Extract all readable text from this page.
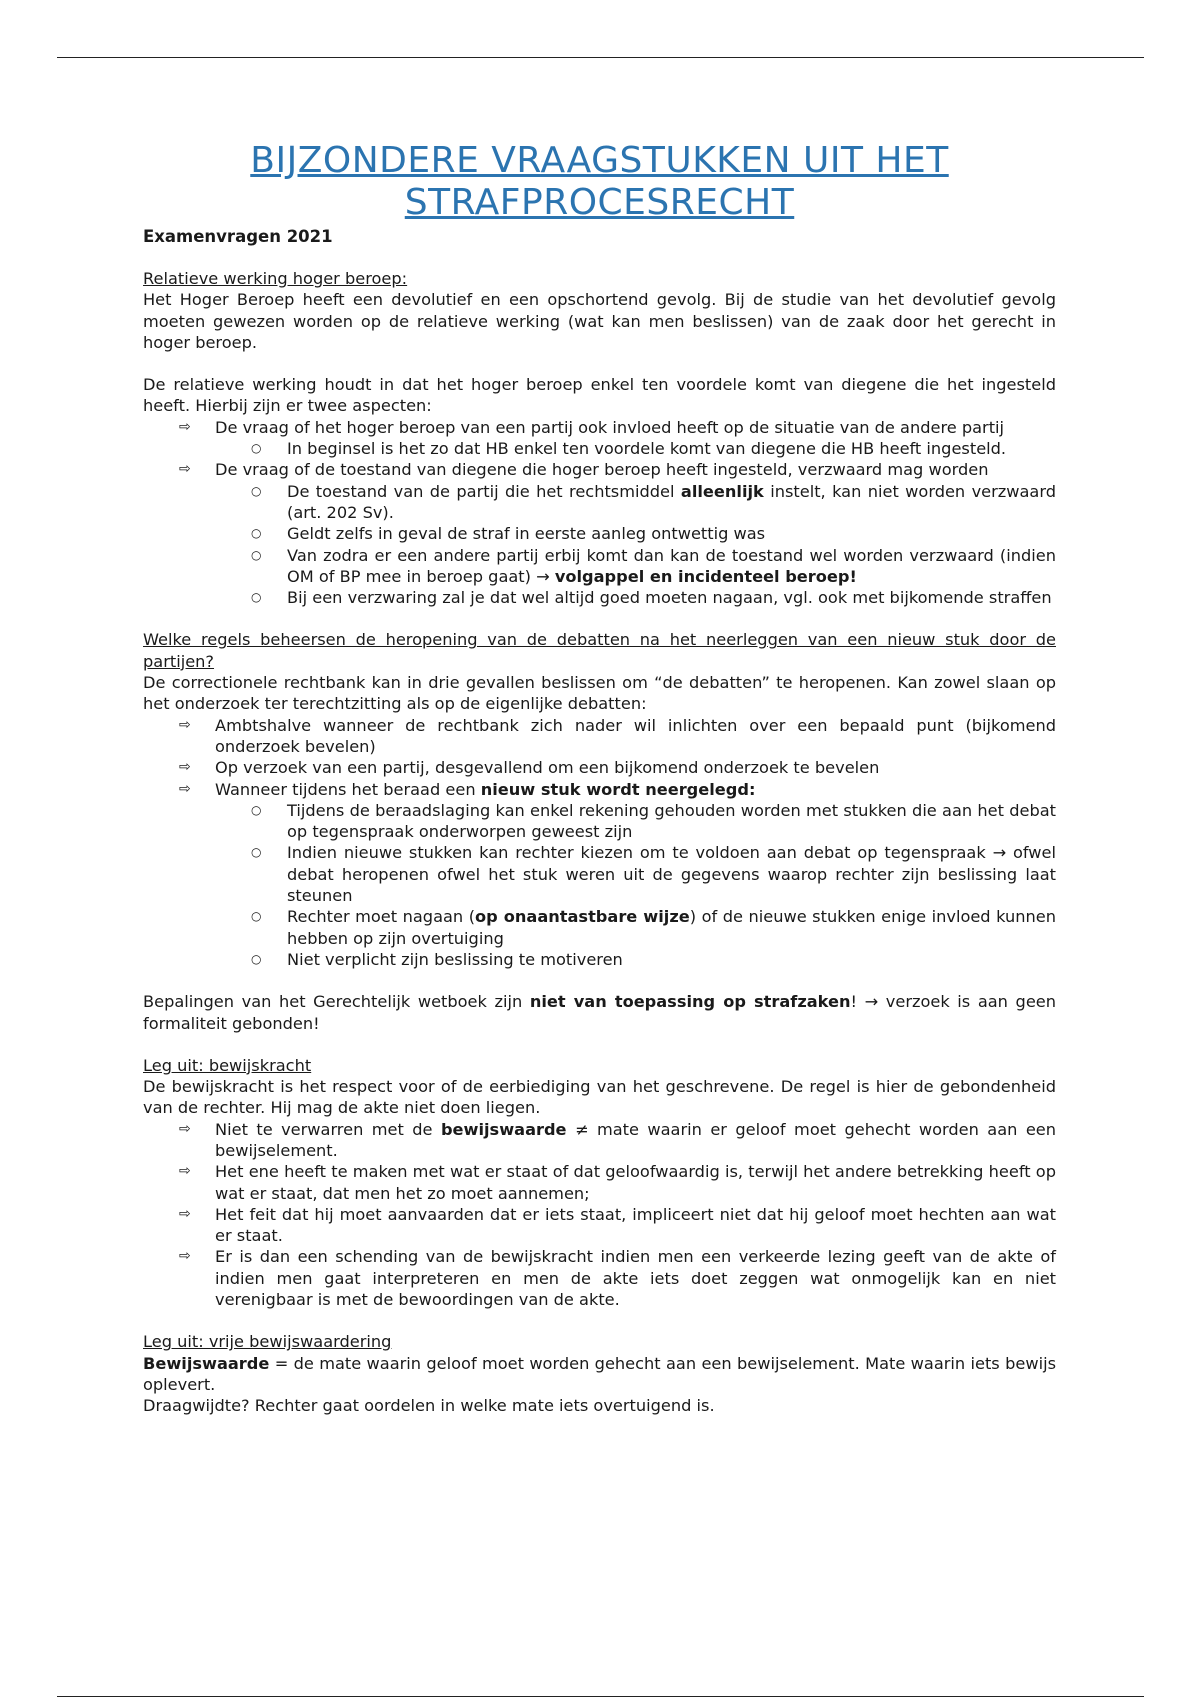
BIJZONDERE VRAAGSTUKKEN UIT HET
STRAFPROCESRECHT
Examenvragen 2021

Relatieve werking hoger beroep:

Het Hoger Beroep heeft een devolutief en een opschortend gevolg. Bij de studie van het devolutief gevolg moeten gewezen worden op de relatieve werking (wat kan men beslissen) van de zaak door het gerecht in hoger beroep.

De relatieve werking houdt in dat het hoger beroep enkel ten voordele komt van diegene die het ingesteld heeft. Hierbij zijn er twee aspecten:

⇨ De vraag of het hoger beroep van een partij ook invloed heeft op de situatie van de andere partij
○ In beginsel is het zo dat HB enkel ten voordele komt van diegene die HB heeft ingesteld.
⇨ De vraag of de toestand van diegene die hoger beroep heeft ingesteld, verzwaard mag worden
○ De toestand van de partij die het rechtsmiddel alleenlijk instelt, kan niet worden verzwaard (art. 202 Sv).
○ Geldt zelfs in geval de straf in eerste aanleg ontwettig was
○ Van zodra er een andere partij erbij komt dan kan de toestand wel worden verzwaard (indien OM of BP mee in beroep gaat) → volgappel en incidenteel beroep!
○ Bij een verzwaring zal je dat wel altijd goed moeten nagaan, vgl. ook met bijkomende straffen

Welke regels beheersen de heropening van de debatten na het neerleggen van een nieuw stuk door de partijen?

De correctionele rechtbank kan in drie gevallen beslissen om “de debatten” te heropenen. Kan zowel slaan op het onderzoek ter terechtzitting als op de eigenlijke debatten:

⇨ Ambtshalve wanneer de rechtbank zich nader wil inlichten over een bepaald punt (bijkomend onderzoek bevelen)
⇨ Op verzoek van een partij, desgevallend om een bijkomend onderzoek te bevelen
⇨ Wanneer tijdens het beraad een nieuw stuk wordt neergelegd:
○ Tijdens de beraadslaging kan enkel rekening gehouden worden met stukken die aan het debat op tegenspraak onderworpen geweest zijn
○ Indien nieuwe stukken kan rechter kiezen om te voldoen aan debat op tegenspraak → ofwel debat heropenen ofwel het stuk weren uit de gegevens waarop rechter zijn beslissing laat steunen
○ Rechter moet nagaan (op onaantastbare wijze) of de nieuwe stukken enige invloed kunnen hebben op zijn overtuiging
○ Niet verplicht zijn beslissing te motiveren

Bepalingen van het Gerechtelijk wetboek zijn niet van toepassing op strafzaken! → verzoek is aan geen formaliteit gebonden!

Leg uit: bewijskracht

De bewijskracht is het respect voor of de eerbiediging van het geschrevene. De regel is hier de gebondenheid van de rechter. Hij mag de akte niet doen liegen.

⇨ Niet te verwarren met de bewijswaarde ≠ mate waarin er geloof moet gehecht worden aan een bewijselement.
⇨ Het ene heeft te maken met wat er staat of dat geloofwaardig is, terwijl het andere betrekking heeft op wat er staat, dat men het zo moet aannemen;
⇨ Het feit dat hij moet aanvaarden dat er iets staat, impliceert niet dat hij geloof moet hechten aan wat er staat.
⇨ Er is dan een schending van de bewijskracht indien men een verkeerde lezing geeft van de akte of indien men gaat interpreteren en men de akte iets doet zeggen wat onmogelijk kan en niet verenigbaar is met de bewoordingen van de akte.

Leg uit: vrije bewijswaardering

Bewijswaarde = de mate waarin geloof moet worden gehecht aan een bewijselement. Mate waarin iets bewijs oplevert.

Draagwijdte? Rechter gaat oordelen in welke mate iets overtuigend is.
